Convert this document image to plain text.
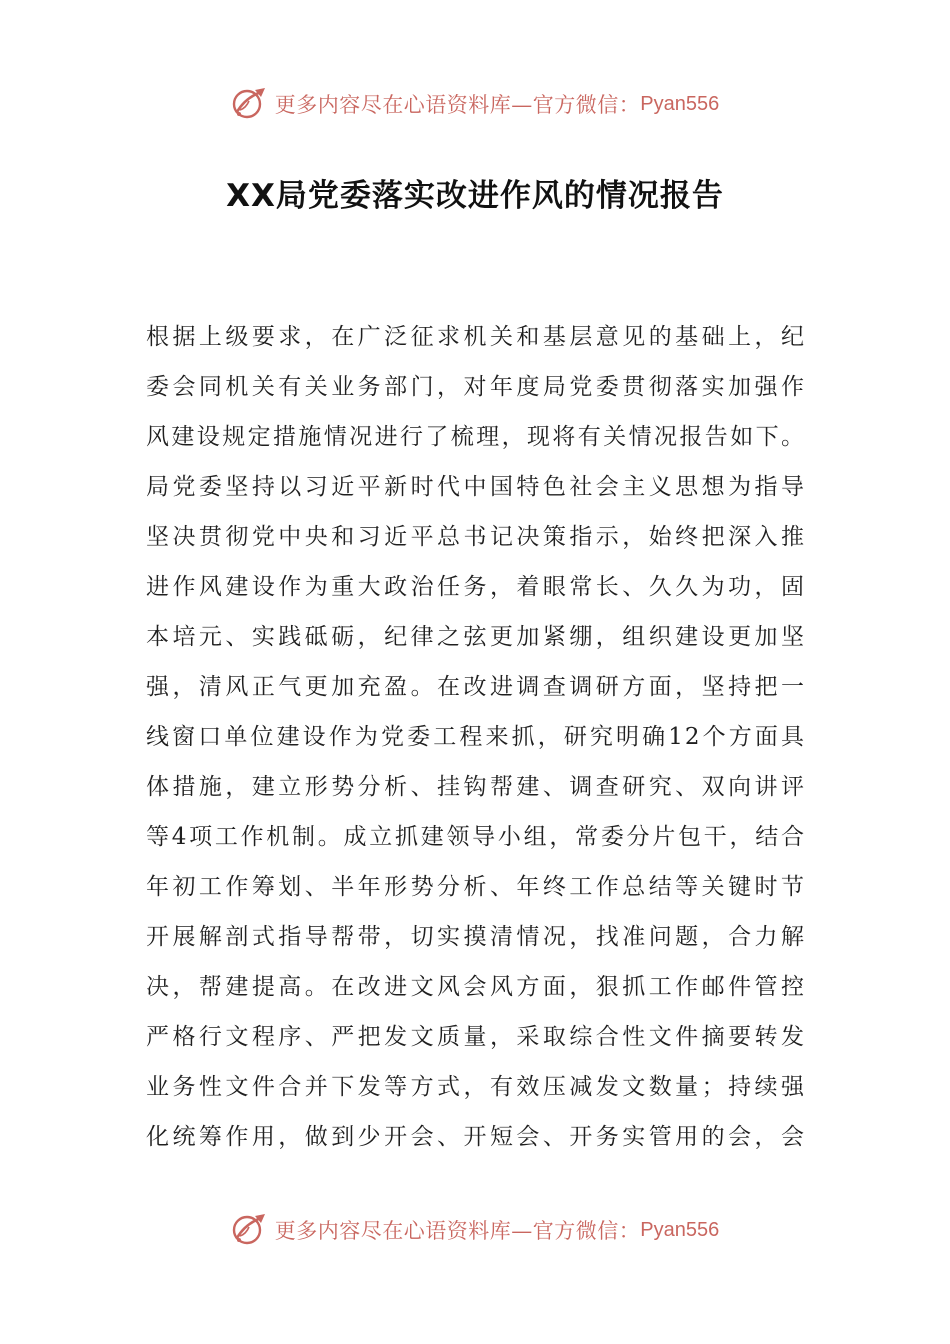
更多内容尽在心语资料库—官方微信： Pyan556
XX局党委落实改进作风的情况报告
根据上级要求，在广泛征求机关和基层意见的基础上，纪
委会同机关有关业务部门，对年度局党委贯彻落实加强作
风建设规定措施情况进行了梳理，现将有关情况报告如下。
局党委坚持以习近平新时代中国特色社会主义思想为指导
坚决贯彻党中央和习近平总书记决策指示，始终把深入推
进作风建设作为重大政治任务，着眼常长、久久为功，固
本培元、实践砥砺，纪律之弦更加紧绷，组织建设更加坚
强，清风正气更加充盈。在改进调查调研方面，坚持把一
线窗口单位建设作为党委工程来抓，研究明确12个方面具
体措施，建立形势分析、挂钩帮建、调查研究、双向讲评
等4项工作机制。成立抓建领导小组，常委分片包干，结合
年初工作筹划、半年形势分析、年终工作总结等关键时节
开展解剖式指导帮带，切实摸清情况，找准问题，合力解
决，帮建提高。在改进文风会风方面，狠抓工作邮件管控
严格行文程序、严把发文质量，采取综合性文件摘要转发
业务性文件合并下发等方式，有效压减发文数量；持续强
化统筹作用，做到少开会、开短会、开务实管用的会，会
更多内容尽在心语资料库—官方微信： Pyan556
